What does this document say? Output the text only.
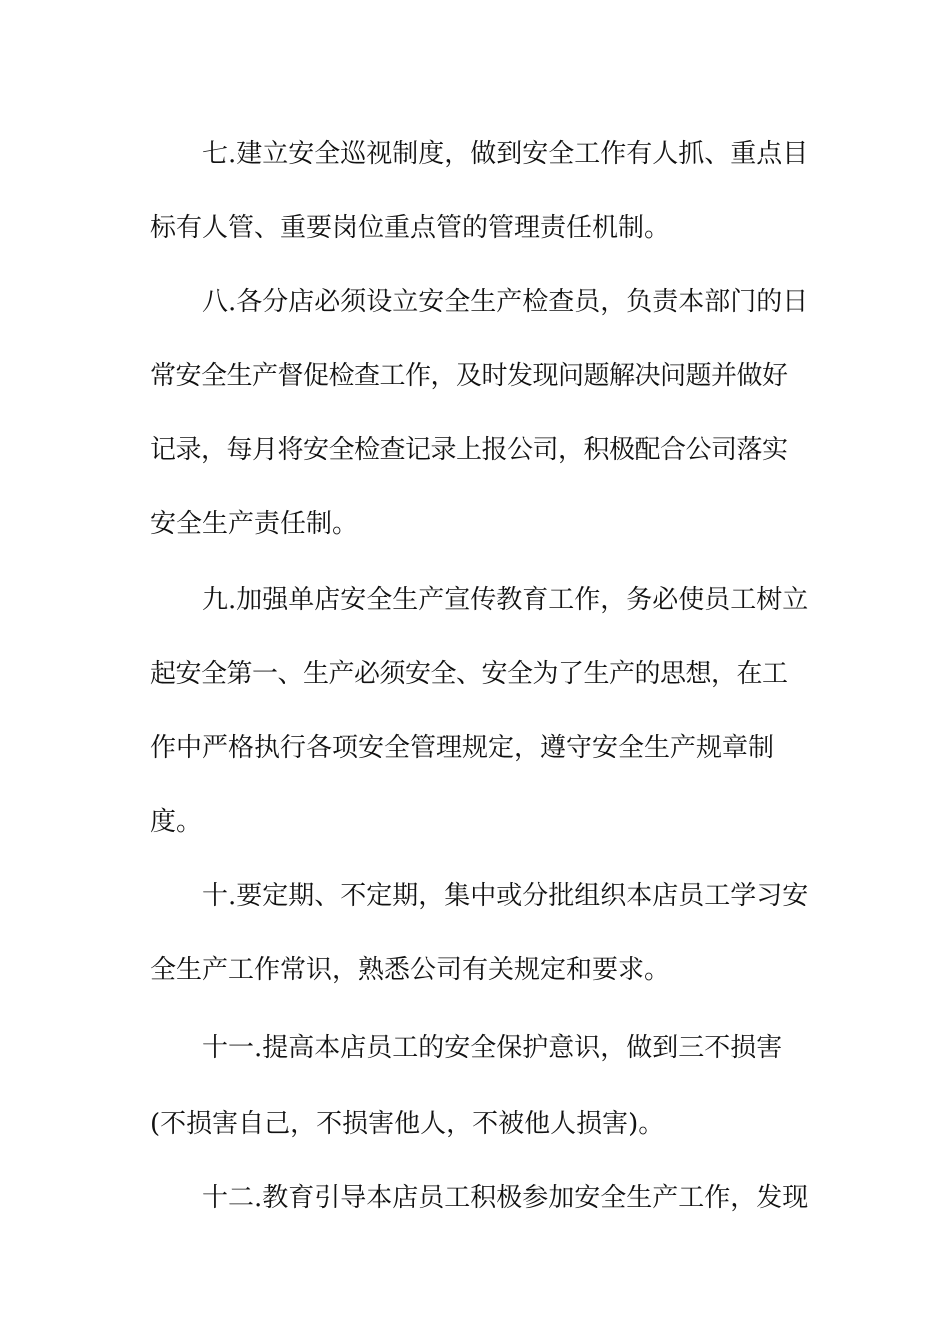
七.建立安全巡视制度，做到安全工作有人抓、重点目
标有人管、重要岗位重点管的管理责任机制。
八.各分店必须设立安全生产检查员，负责本部门的日
常安全生产督促检查工作，及时发现问题解决问题并做好
记录，每月将安全检查记录上报公司，积极配合公司落实
安全生产责任制。
九.加强单店安全生产宣传教育工作，务必使员工树立
起安全第一、生产必须安全、安全为了生产的思想，在工
作中严格执行各项安全管理规定，遵守安全生产规章制
度。
十.要定期、不定期，集中或分批组织本店员工学习安
全生产工作常识，熟悉公司有关规定和要求。
十一.提高本店员工的安全保护意识，做到三不损害
(不损害自己，不损害他人，不被他人损害)。
十二.教育引导本店员工积极参加安全生产工作，发现
